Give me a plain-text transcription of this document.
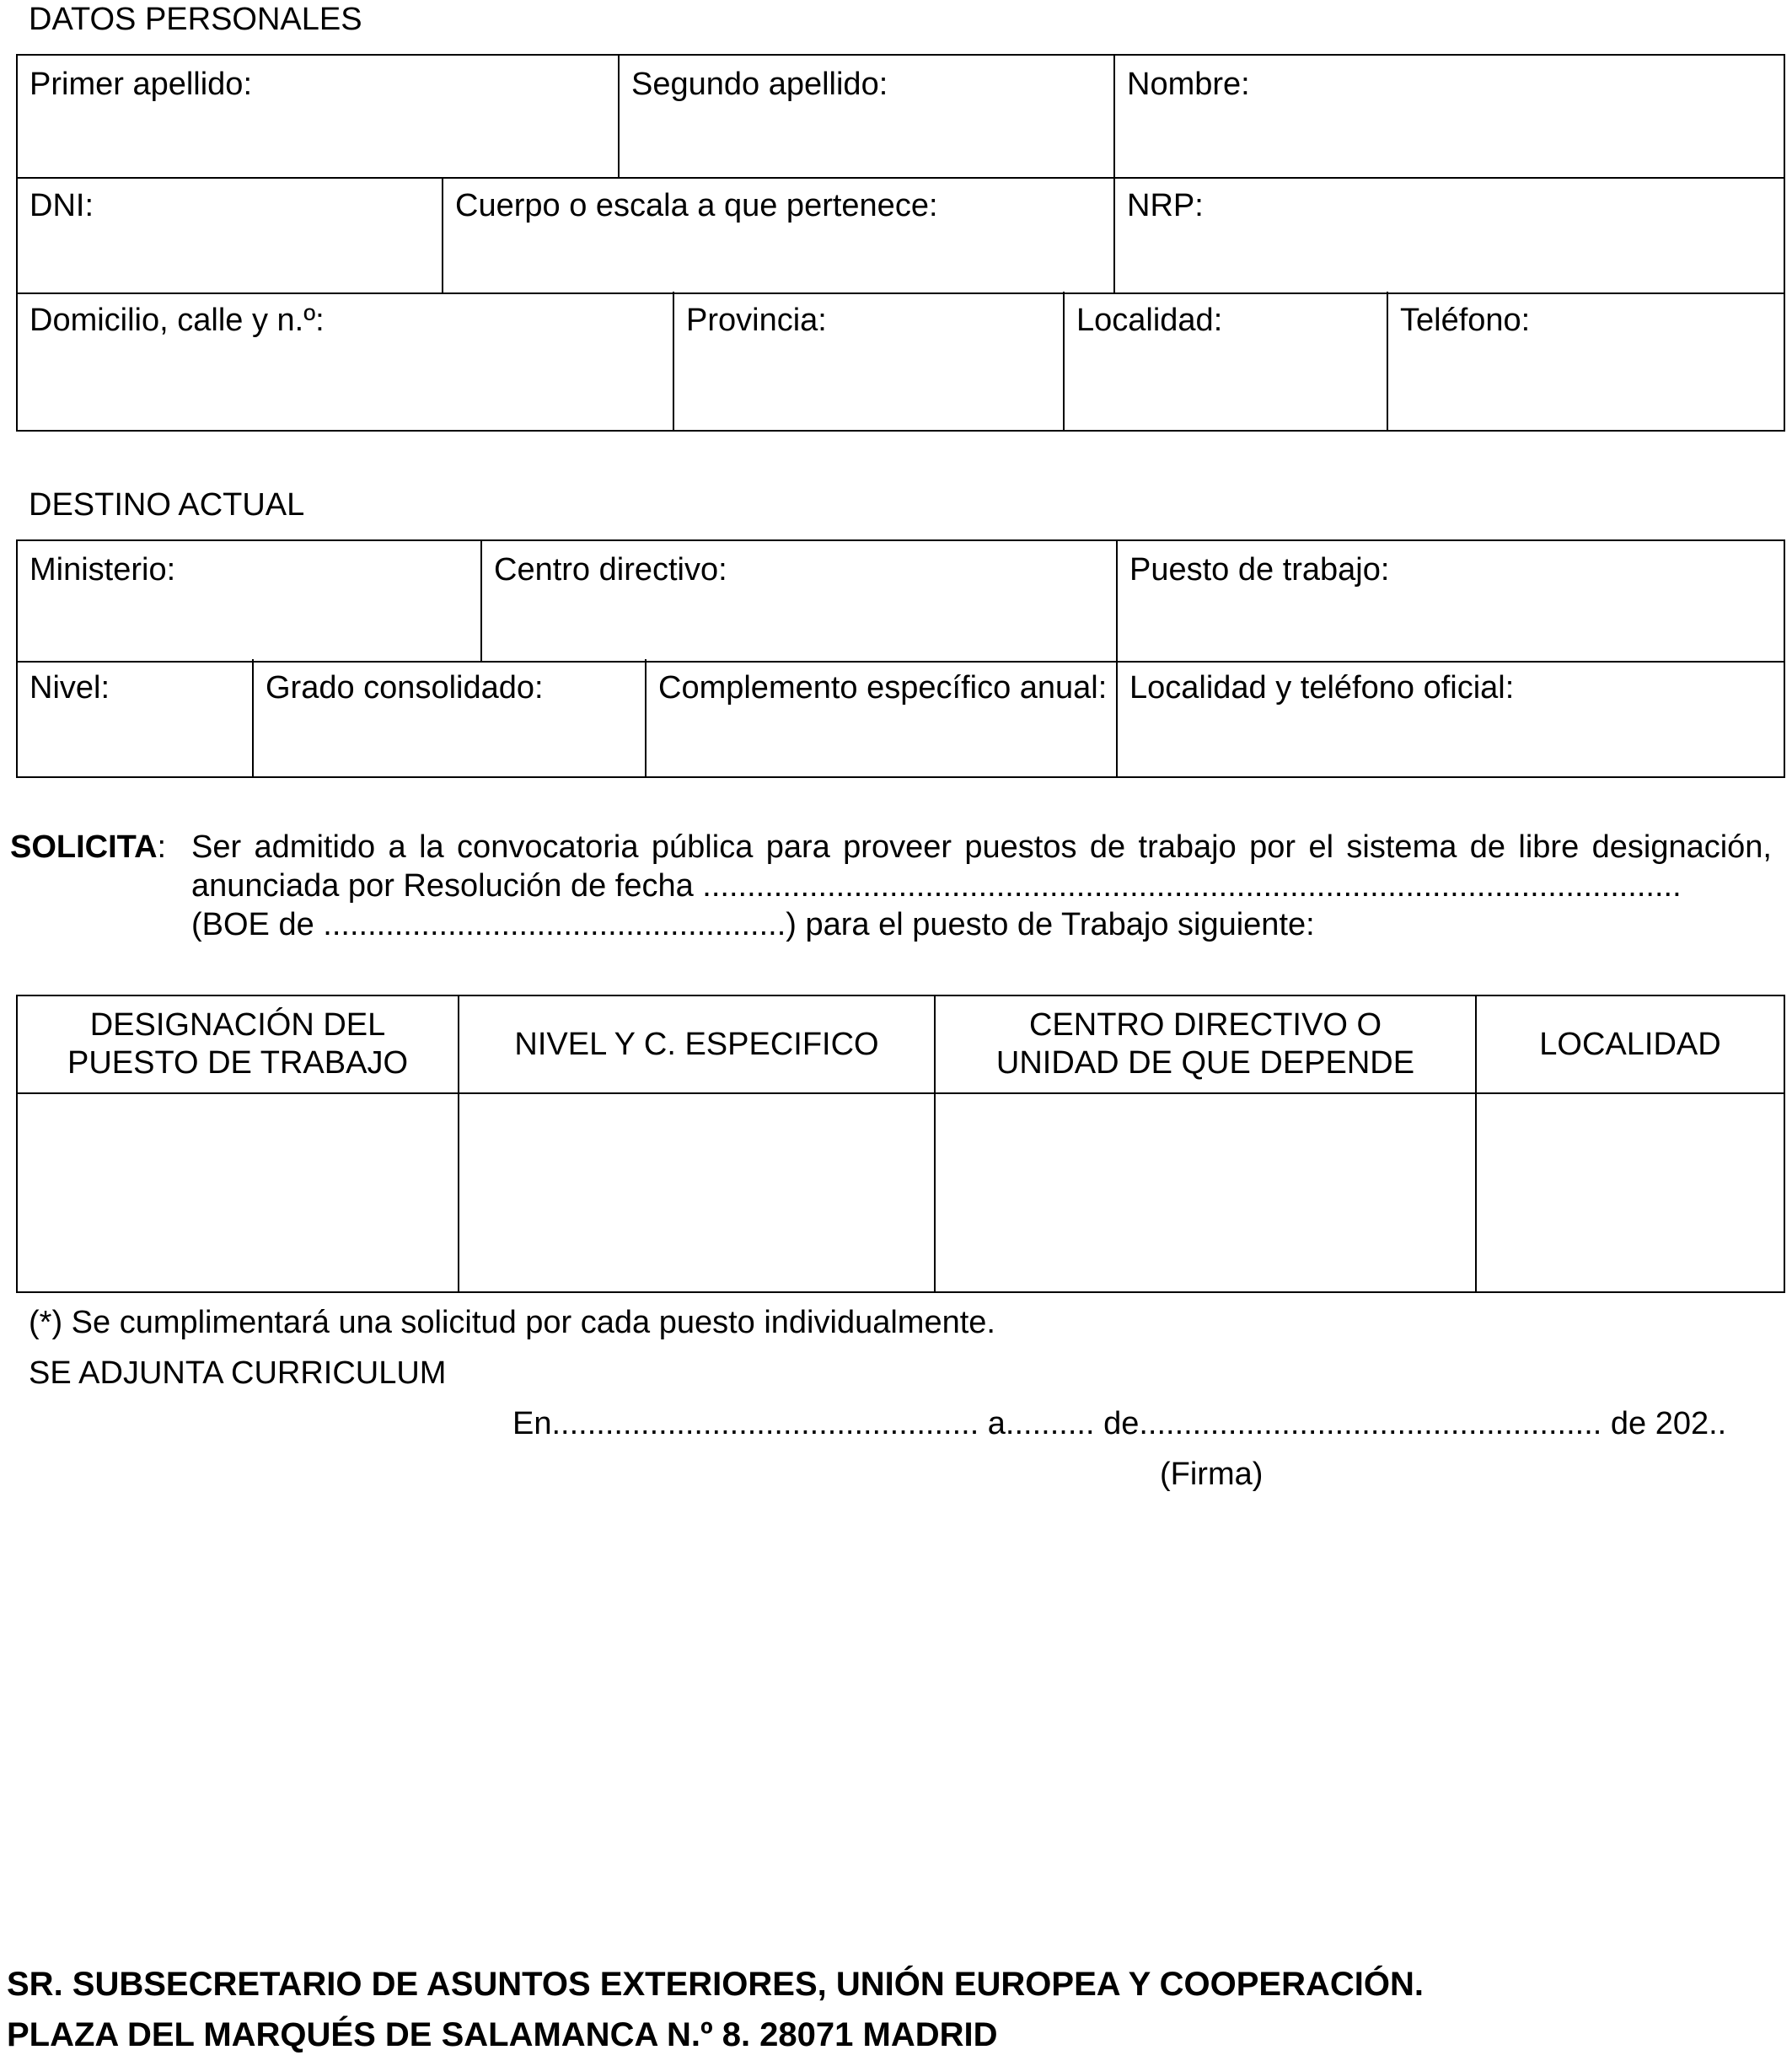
DATOS PERSONALES
Primer apellido:	Segundo apellido:	Nombre:
DNI:	Cuerpo o escala a que pertenece:	NRP:
Domicilio, calle y n.º:	Provincia:	Localidad:	Teléfono:
DESTINO ACTUAL
Ministerio:	Centro directivo:	Puesto de trabajo:
Nivel:	Grado consolidado:	Complemento específico anual:	Localidad y teléfono oficial:
SOLICITA: Ser admitido a la convocatoria pública para proveer puestos de trabajo por el sistema de libre designación,
anunciada por Resolución de fecha ..............................................................................................................
(BOE de ....................................................) para el puesto de Trabajo siguiente:
DESIGNACIÓN DEL PUESTO DE TRABAJO	NIVEL Y C. ESPECIFICO	CENTRO DIRECTIVO O UNIDAD DE QUE DEPENDE	LOCALIDAD

(*) Se cumplimentará una solicitud por cada puesto individualmente.
SE ADJUNTA CURRICULUM
En................................................ a.......... de.................................................... de 202..
(Firma)
SR. SUBSECRETARIO DE ASUNTOS EXTERIORES, UNIÓN EUROPEA Y COOPERACIÓN.
PLAZA DEL MARQUÉS DE SALAMANCA N.º 8. 28071 MADRID
